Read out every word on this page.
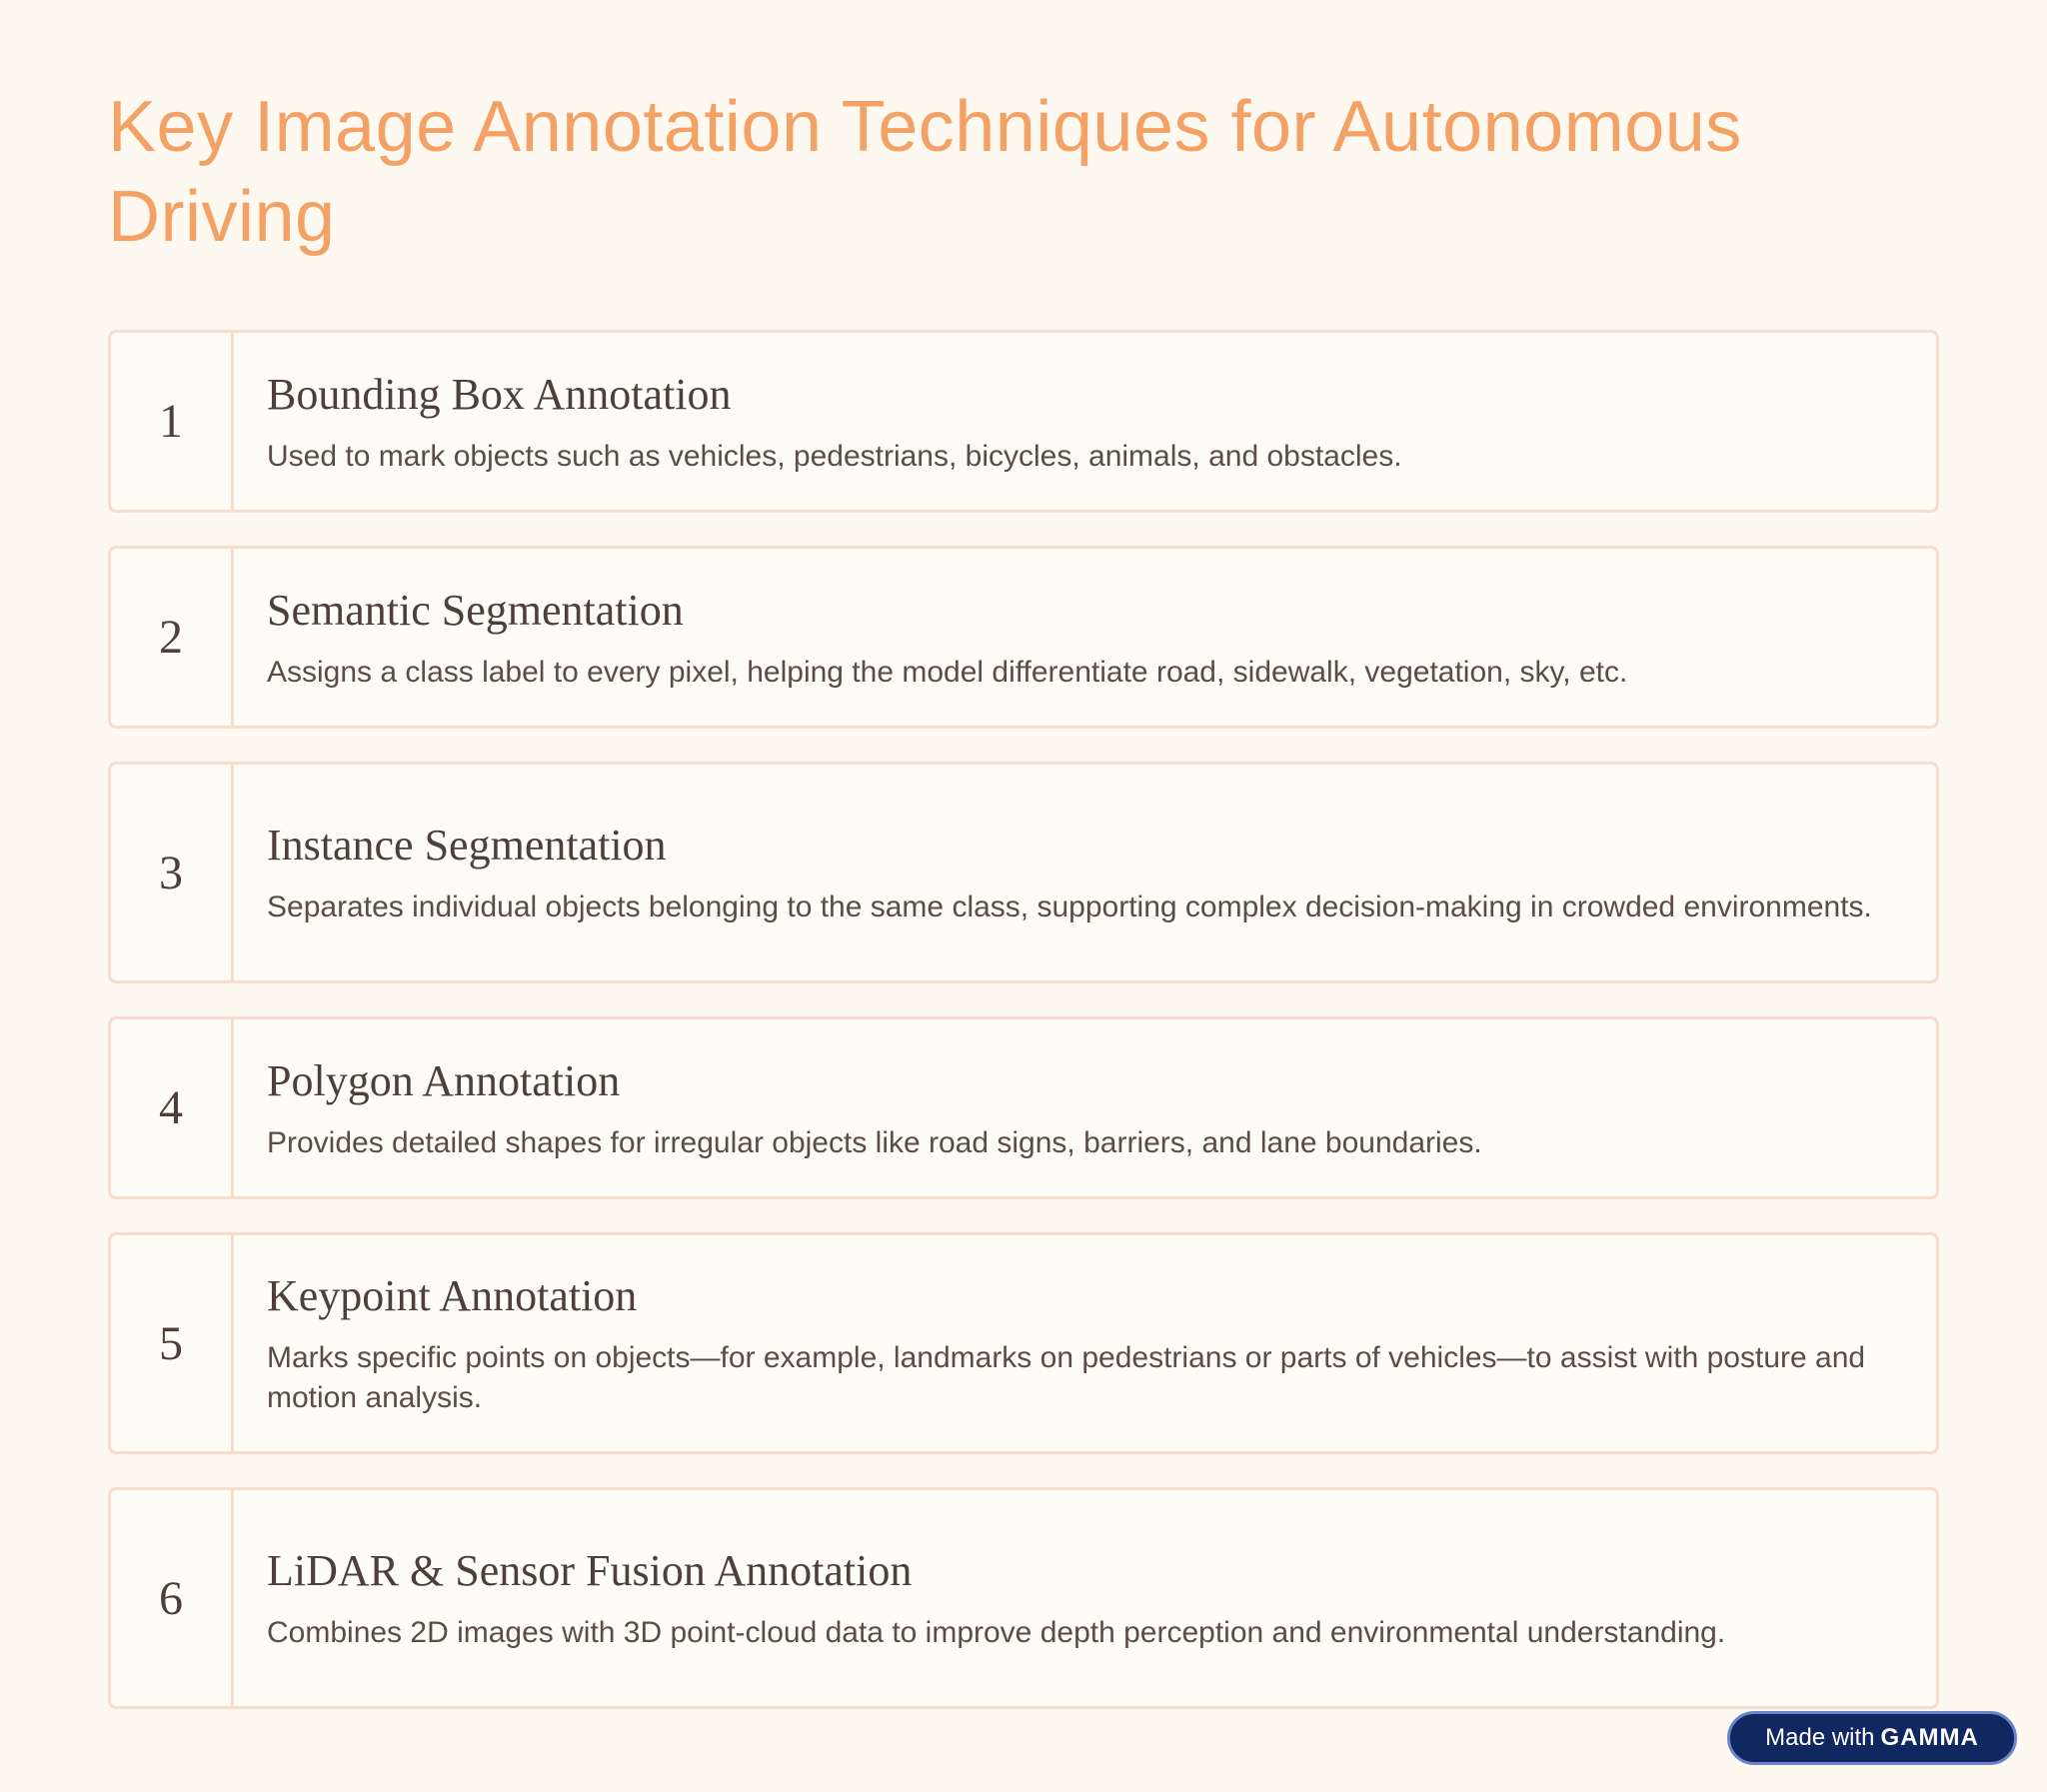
Key Image Annotation Techniques for Autonomous Driving
1

Bounding Box Annotation

Used to mark objects such as vehicles, pedestrians, bicycles, animals, and obstacles.

2

Semantic Segmentation

Assigns a class label to every pixel, helping the model differentiate road, sidewalk, vegetation, sky, etc.

3

Instance Segmentation

Separates individual objects belonging to the same class, supporting complex decision-making in crowded environments.

4

Polygon Annotation

Provides detailed shapes for irregular objects like road signs, barriers, and lane boundaries.

5

Keypoint Annotation

Marks specific points on objects—for example, landmarks on pedestrians or parts of vehicles—to assist with posture and motion analysis.

6

LiDAR & Sensor Fusion Annotation

Combines 2D images with 3D point-cloud data to improve depth perception and environmental understanding.

Made with GAMMA
